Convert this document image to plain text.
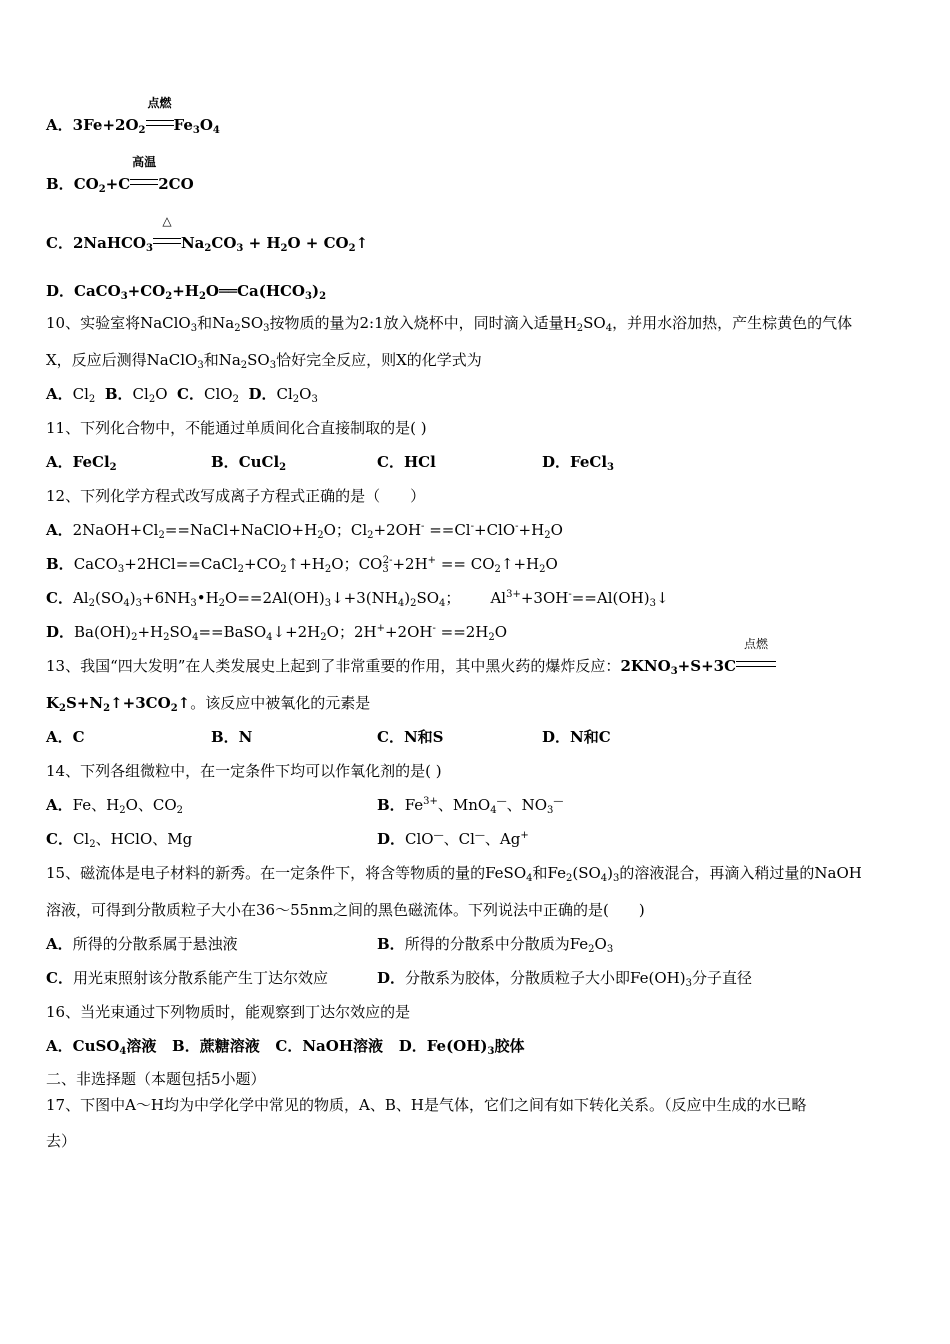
A．$3Fe+2O_2$
点燃
$Fe_3O_4$
B．$CO_2+C$
高温
2CO
C．2NaHCO$_3$
△
$Na_2CO_3 + H_2O$ + $CO_2↑$
D．$CaCO_3+CO_2+H_2O══Ca(HCO_3)_2$
10、实验室将NaClO$_3$和$Na_2SO_3$按物质的量为2:1放入烧杯中，同时滴入适量$H_2SO_4$，并用水浴加热，产生棕黄色的气体
X，反应后测得NaClO$_3$和$Na_2SO_3$恰好完全反应，则X的化学式为
A．$Cl_2$ B．$Cl_2O$ C．ClO$_2$ D．$Cl_2O_3$
11、下列化合物中，不能通过单质间化合直接制取的是( )
A．FeCl$_2$	B．CuCl$_2$	C．HCl	D．FeCl$_3$
12、下列化学方程式改写成离子方程式正确的是（　　）
A．$2NaOH+Cl_2==NaCl+NaClO+H_2O$；$Cl_2+2OH^- ==Cl^-+ClO^-+H_2O$
B．$CaCO_3+2HCl==CaCl_2+CO_2↑+H_2O$；$CO_3^{2-}+2H^+$ == $CO_2↑+H_2O$
C．$Al_2(SO_4)_3+6NH_3•H_2O==2Al(OH)_3↓+3(NH_4)_2SO_4$； $Al^{3+}+3OH^-==Al(OH)_3↓$
D．$Ba(OH)_2+H_2SO_4==BaSO_4↓+2H_2O$；$2H^++2OH^- ==2H_2O$
13、我国“四大发明”在人类发展史上起到了非常重要的作用，其中黑火药的爆炸反应：$2KNO_3+S+3C$
点燃
$K_2S+N_2↑+3CO_2↑$。该反应中被氧化的元素是
A．C	B．N	C．N和S	D．N和C
14、下列各组微粒中，在一定条件下均可以作氧化剂的是( )
A．Fe、$H_2O$、$CO_2$	B．$Fe^{3+}$、MnO$_4$—、$NO_3^—$
C．$Cl_2$、HClO、Mg	D．ClO—、Cl—、Ag+
15、磁流体是电子材料的新秀。在一定条件下，将含等物质的量的FeSO$_4$和$Fe_2(SO_4)_3$的溶液混合，再滴入稍过量的NaOH
溶液，可得到分散质粒子大小在36～55nm之间的黑色磁流体。下列说法中正确的是(　　)
A．所得的分散系属于悬浊液	B．所得的分散系中分散质为$Fe_2O_3$
C．用光束照射该分散系能产生丁达尔效应	D．分散系为胶体，分散质粒子大小即$Fe(OH)_3$分子直径
16、当光束通过下列物质时，能观察到丁达尔效应的是
A．CuSO$_4$溶液 B．蔗糖溶液 C．NaOH溶液 D．$Fe(OH)_3$胶体
二、非选择题（本题包括5小题）
17、下图中A～H均为中学化学中常见的物质，A、B、H是气体，它们之间有如下转化关系。（反应中生成的水已略
去）
